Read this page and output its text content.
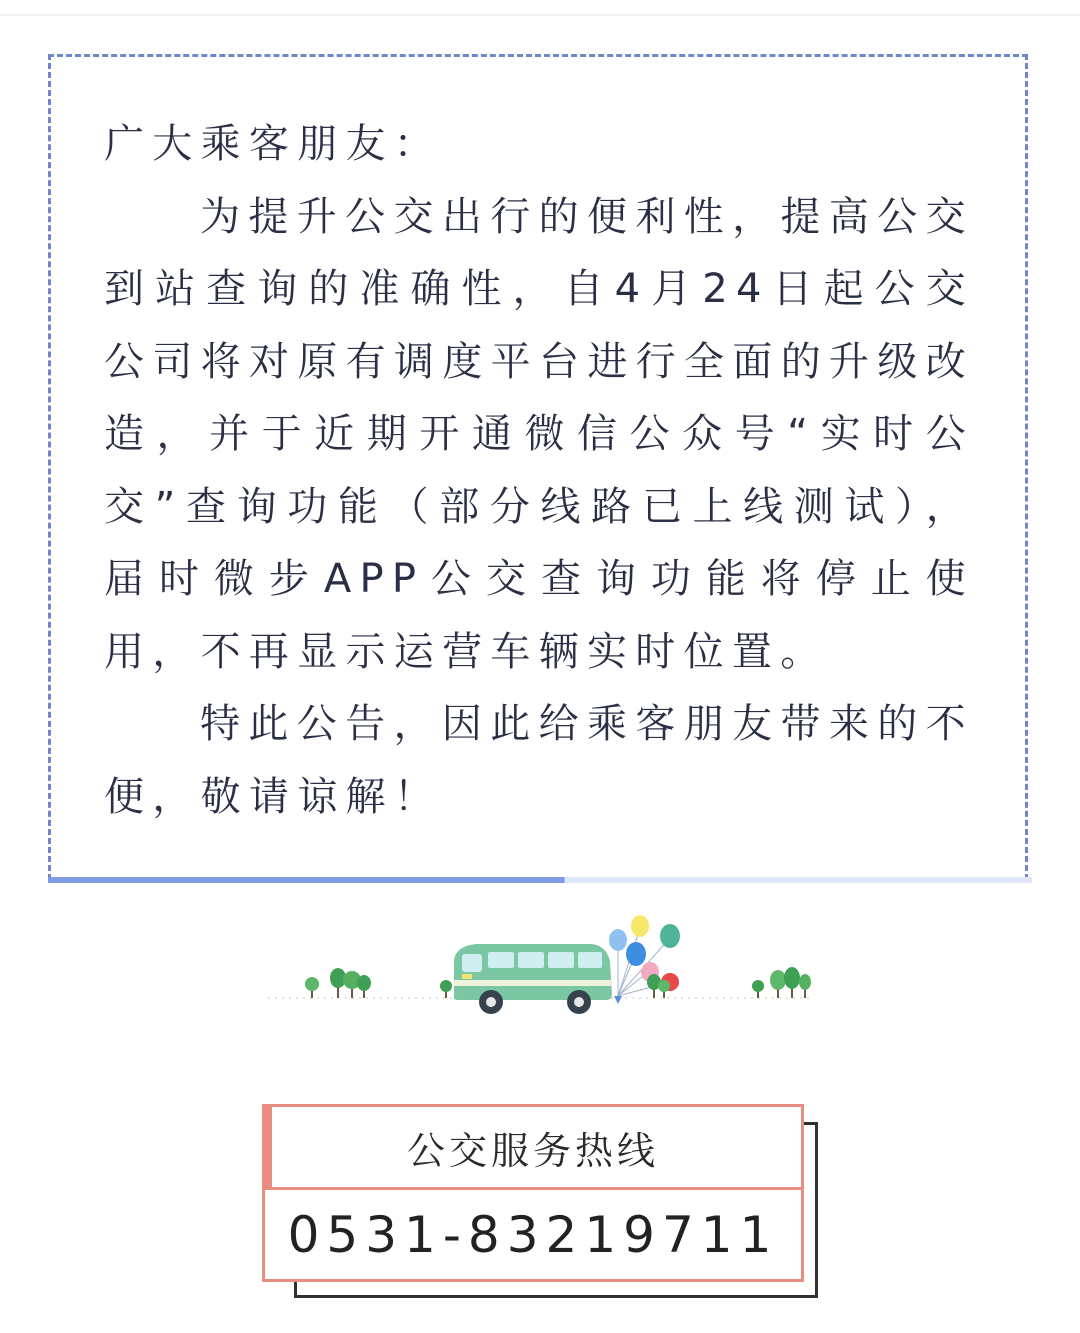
广大乘客朋友：

为提升公交出行的便利性，提高公交到站查询的准确性，自4月24日起公交公司将对原有调度平台进行全面的升级改造，并于近期开通微信公众号“实时公交”查询功能（部分线路已上线测试），届时微步APP公交查询功能将停止使用，不再显示运营车辆实时位置。

特此公告，因此给乘客朋友带来的不便，敬请谅解！

公交服务热线
0531-83219711
